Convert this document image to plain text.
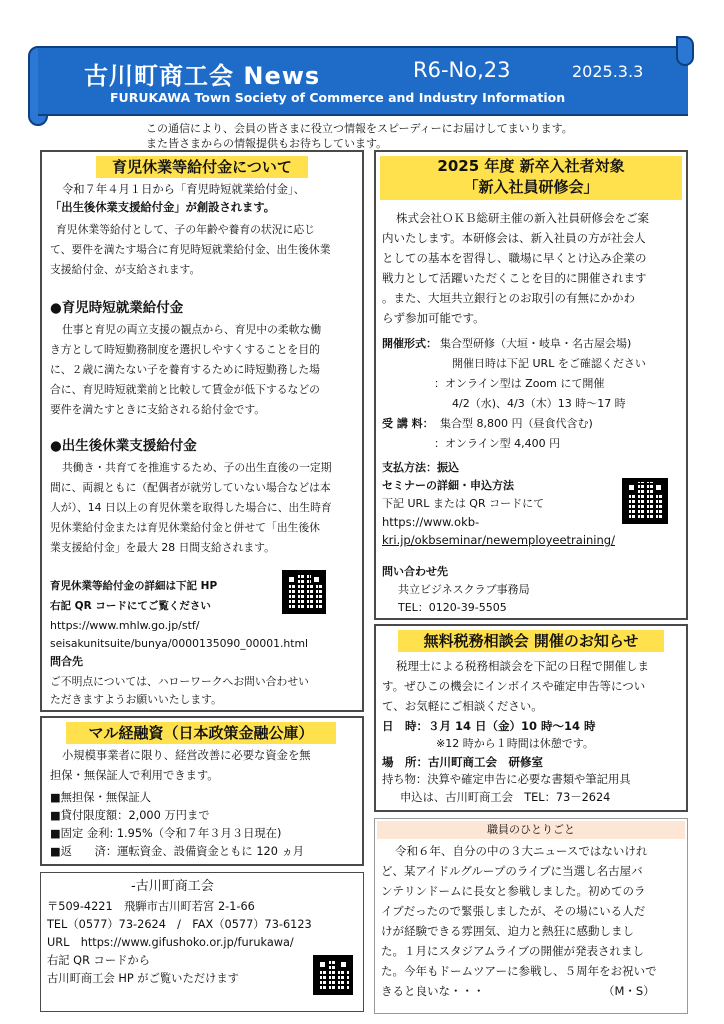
古川町商工会 News	R6-No,23	2025.3.3
FURUKAWA Town Society of Commerce and Industry Information
この通信により、会員の皆さまに役立つ情報をスピーディーにお届けしてまいります。
また皆さまからの情報提供もお待ちしています。
育児休業等給付金について
令和７年４月１日から「育児時短就業給付金」、
「出生後休業支援給付金」が創設されます。
育児休業等給付として、子の年齢や養育の状況に応じ
て、要件を満たす場合に育児時短就業給付金、出生後休業
支援給付金、が支給されます。
●育児時短就業給付金
仕事と育児の両立支援の観点から、育児中の柔軟な働
き方として時短勤務制度を選択しやすくすることを目的
に、２歳に満たない子を養育するために時短勤務した場
合に、育児時短就業前と比較して賃金が低下するなどの
要件を満たすときに支給される給付金です。
●出生後休業支援給付金
共働き・共育てを推進するため、子の出生直後の一定期
間に、両親ともに（配偶者が就労していない場合などは本
人が）、14 日以上の育児休業を取得した場合に、出生時育
児休業給付金または育児休業給付金と併せて「出生後休
業支援給付金」を最大 28 日間支給されます。
育児休業等給付金の詳細は下記 HP
右記 QR コードにてご覧ください
https://www.mhlw.go.jp/stf/
seisakunitsuite/bunya/0000135090_00001.html
問合先
ご不明点については、ハローワークへお問い合わせい
ただきますようお願いいたします。
マル経融資（日本政策金融公庫）
小規模事業者に限り、経営改善に必要な資金を無
担保・無保証人で利用できます。
■無担保・無保証人
■貸付限度額：2,000 万円まで
■固定 金利: 1.95%（令和７年３月３日現在)
■返　　済：運転資金、設備資金ともに 120 ヵ月
-古川町商工会
〒509-4221　飛騨市古川町若宮 2-1-66
TEL（0577）73-2624　/　FAX（0577）73-6123
URL　https://www.gifushoko.or.jp/furukawa/
右記 QR コードから
古川町商工会 HP がご覧いただけます
2025 年度 新卒入社者対象
「新入社員研修会」
株式会社ＯＫＢ総研主催の新入社員研修会をご案
内いたします。本研修会は、新入社員の方が社会人
としての基本を習得し、職場に早くとけ込み企業の
戦力として活躍いただくことを目的に開催されます
。また、大垣共立銀行とのお取引の有無にかかわ
らず参加可能です。
開催形式： 集合型研修（大垣・岐阜・名古屋会場)
開催日時は下記 URL をご確認ください
：オンライン型は Zoom にて開催
4/2（水)、4/3（木）13 時～17 時
受 講 料： 集合型 8,800 円（昼食代含む)
：オンライン型 4,400 円
支払方法：振込
セミナーの詳細・申込方法
下記 URL または QR コードにて
https://www.okb-
kri.jp/okbseminar/newemployeetraining/
問い合わせ先
共立ビジネスクラブ事務局
TEL：0120-39-5505
無料税務相談会 開催のお知らせ
税理士による税務相談会を下記の日程で開催しま
す。ぜひこの機会にインボイスや確定申告等につい
て、お気軽にご相談ください。
日　時：３月 14 日（金）10 時～14 時
※12 時から１時間は休憩です。
場　所：古川町商工会　研修室
持ち物：決算や確定申告に必要な書類や筆記用具
申込は、古川町商工会　TEL：73－2624
職員のひとりごと
令和６年、自分の中の３大ニュースではないけれ
ど、某アイドルグループのライブに当選し名古屋バ
ンテリンドームに長女と参戦しました。初めてのラ
イブだったので緊張しましたが、その場にいる人だ
けが経験できる雰囲気、迫力と熱狂に感動しまし
た。１月にスタジアムライブの開催が発表されまし
た。今年もドームツアーに参戦し、５周年をお祝いで
きると良いな・・・	（M・S）
